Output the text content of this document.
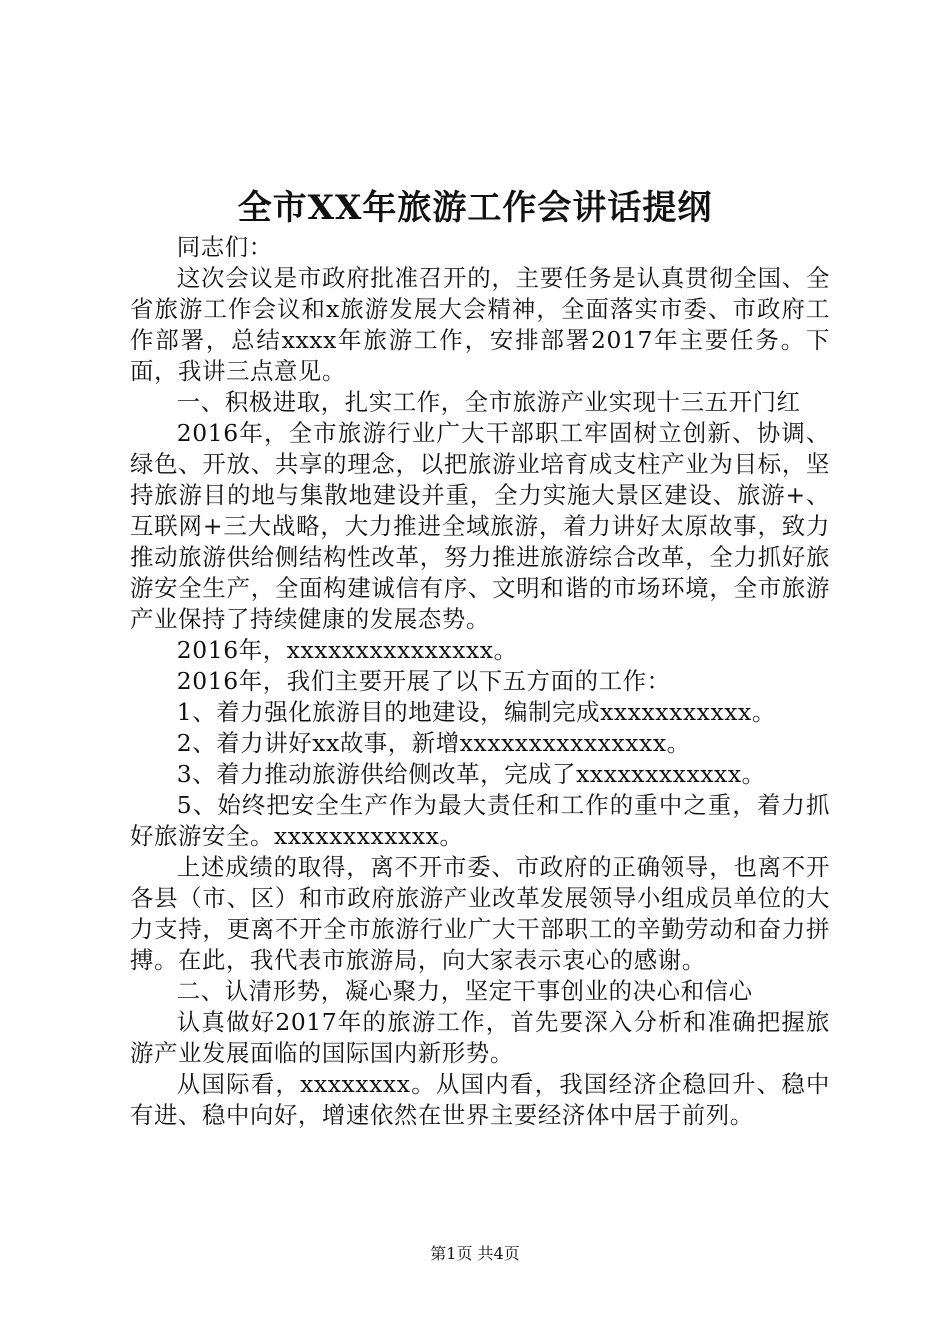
全市XX年旅游工作会讲话提纲

同志们：

这次会议是市政府批准召开的，主要任务是认真贯彻全国、全省旅游工作会议和x旅游发展大会精神，全面落实市委、市政府工作部署，总结xxxx年旅游工作，安排部署2017年主要任务。下面，我讲三点意见。

一、积极进取，扎实工作，全市旅游产业实现十三五开门红

2016年，全市旅游行业广大干部职工牢固树立创新、协调、绿色、开放、共享的理念，以把旅游业培育成支柱产业为目标，坚持旅游目的地与集散地建设并重，全力实施大景区建设、旅游+、互联网+三大战略，大力推进全域旅游，着力讲好太原故事，致力推动旅游供给侧结构性改革，努力推进旅游综合改革，全力抓好旅游安全生产，全面构建诚信有序、文明和谐的市场环境，全市旅游产业保持了持续健康的发展态势。

2016年，xxxxxxxxxxxxxxx。

2016年，我们主要开展了以下五方面的工作：

1、着力强化旅游目的地建设，编制完成xxxxxxxxxxx。

2、着力讲好xx故事，新增xxxxxxxxxxxxxxx。

3、着力推动旅游供给侧改革，完成了xxxxxxxxxxxx。

5、始终把安全生产作为最大责任和工作的重中之重，着力抓好旅游安全。xxxxxxxxxxxx。

上述成绩的取得，离不开市委、市政府的正确领导，也离不开各县（市、区）和市政府旅游产业改革发展领导小组成员单位的大力支持，更离不开全市旅游行业广大干部职工的辛勤劳动和奋力拼搏。在此，我代表市旅游局，向大家表示衷心的感谢。

二、认清形势，凝心聚力，坚定干事创业的决心和信心

认真做好2017年的旅游工作，首先要深入分析和准确把握旅游产业发展面临的国际国内新形势。

从国际看，xxxxxxxx。从国内看，我国经济企稳回升、稳中有进、稳中向好，增速依然在世界主要经济体中居于前列。

第1页 共4页
